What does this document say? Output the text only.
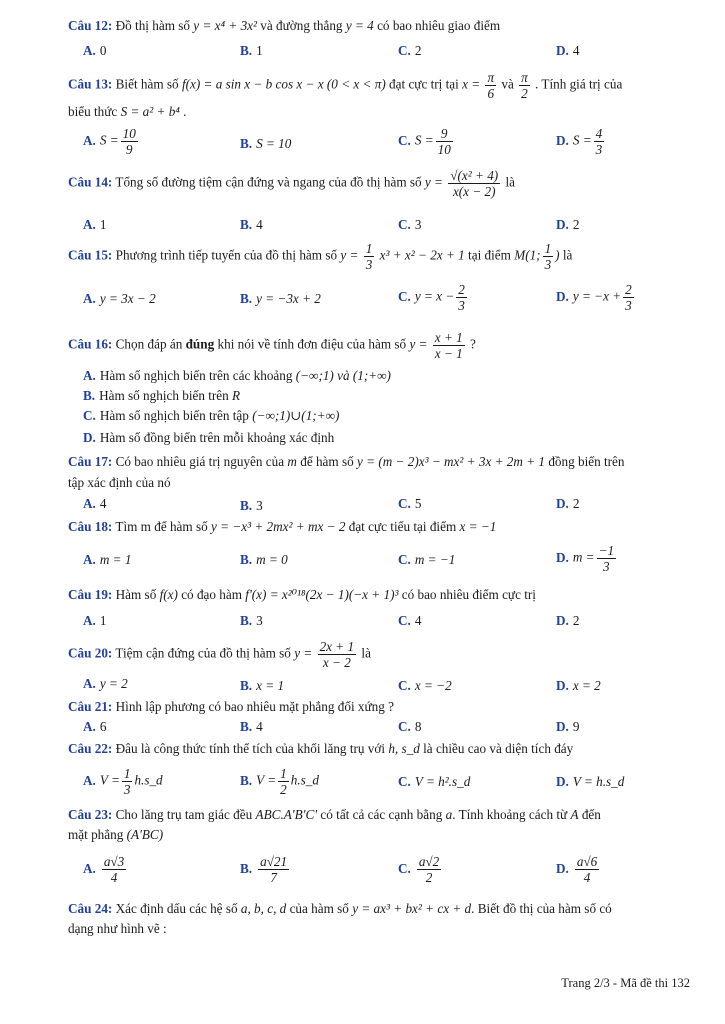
Câu 12: Đồ thị hàm số y = x⁴ + 3x² và đường thẳng y = 4 có bao nhiêu giao điểm
A. 0	B. 1	C. 2	D. 4
Câu 13: Biết hàm số f(x) = a sin x − b cos x − x (0 < x < π) đạt cực trị tại $x = \frac{\pi}{6}$ và $\frac{\pi}{2}$ . Tính giá trị của
biểu thức S = a² + b⁴ .
A. $S = \frac{10}{9}$	B. S = 10	C. $S = \frac{9}{10}$	D. $S = \frac{4}{3}$
Câu 14: Tổng số đường tiệm cận đứng và ngang của đồ thị hàm số $y = \frac{\text{√(x² + 4)}}{x(x - 2)}$ là
A. 1	B. 4	C. 3	D. 2
Câu 15: Phương trình tiếp tuyến của đồ thị hàm số $y = \frac{1}{3} x^3 + x^2 - 2x + 1$ tại điểm M(1; $\frac{1}{3}$ ) là
A. y = 3x − 2	B. y = −3x + 2	C. $y = x - \frac{2}{3}$	D. $y = -x + \frac{2}{3}$
Câu 16: Chọn đáp án đúng khi nói về tính đơn điệu của hàm số $y = \frac{x + 1}{x - 1}$ ?
A. Hàm số nghịch biến trên các khoảng (−∞;1) và (1;+∞)
B. Hàm số nghịch biến trên R
C. Hàm số nghịch biến trên tập (−∞;1)∪(1;+∞)
D. Hàm số đồng biến trên mỗi khoảng xác định
Câu 17: Có bao nhiêu giá trị nguyên của m để hàm số y = (m − 2)x³ − mx² + 3x + 2m + 1 đồng biến trên
tập xác định của nó
A. 4	B. 3	C. 5	D. 2
Câu 18: Tìm m để hàm số y = −x³ + 2mx² + mx − 2 đạt cực tiểu tại điểm x = −1
A. m = 1	B. m = 0	C. m = −1	D. $m = \frac{-1}{3}$
Câu 19: Hàm số f(x) có đạo hàm f'(x) = x²⁰¹⁸(2x − 1)(−x + 1)³ có bao nhiêu điểm cực trị
A. 1	B. 3	C. 4	D. 2
Câu 20: Tiệm cận đứng của đồ thị hàm số $y = \frac{2x + 1}{x - 2}$ là
A. y = 2	B. x = 1	C. x = −2	D. x = 2
Câu 21: Hình lập phương có bao nhiêu mặt phẳng đối xứng ?
A. 6	B. 4	C. 8	D. 9
Câu 22: Đâu là công thức tính thể tích của khối lăng trụ với h, s_d là chiều cao và diện tích đáy
A. $V = \frac{1}{3}$ h.s_d	B. $V = \frac{1}{2}$ h.s_d	C. V = h².s_d	D. V = h.s_d
Câu 23: Cho lăng trụ tam giác đều ABC.A'B'C' có tất cả các cạnh bằng a. Tính khoảng cách từ A đến
mặt phẳng (A'BC)
A. $\frac{a√3}{4}$	B. $\frac{a√21}{7}$	C. $\frac{a√2}{2}$	D. $\frac{a√6}{4}$
Câu 24: Xác định dấu các hệ số a, b, c, d của hàm số y = ax³ + bx² + cx + d. Biết đồ thị của hàm số có
dạng như hình vẽ :
Trang 2/3 - Mã đề thi 132
